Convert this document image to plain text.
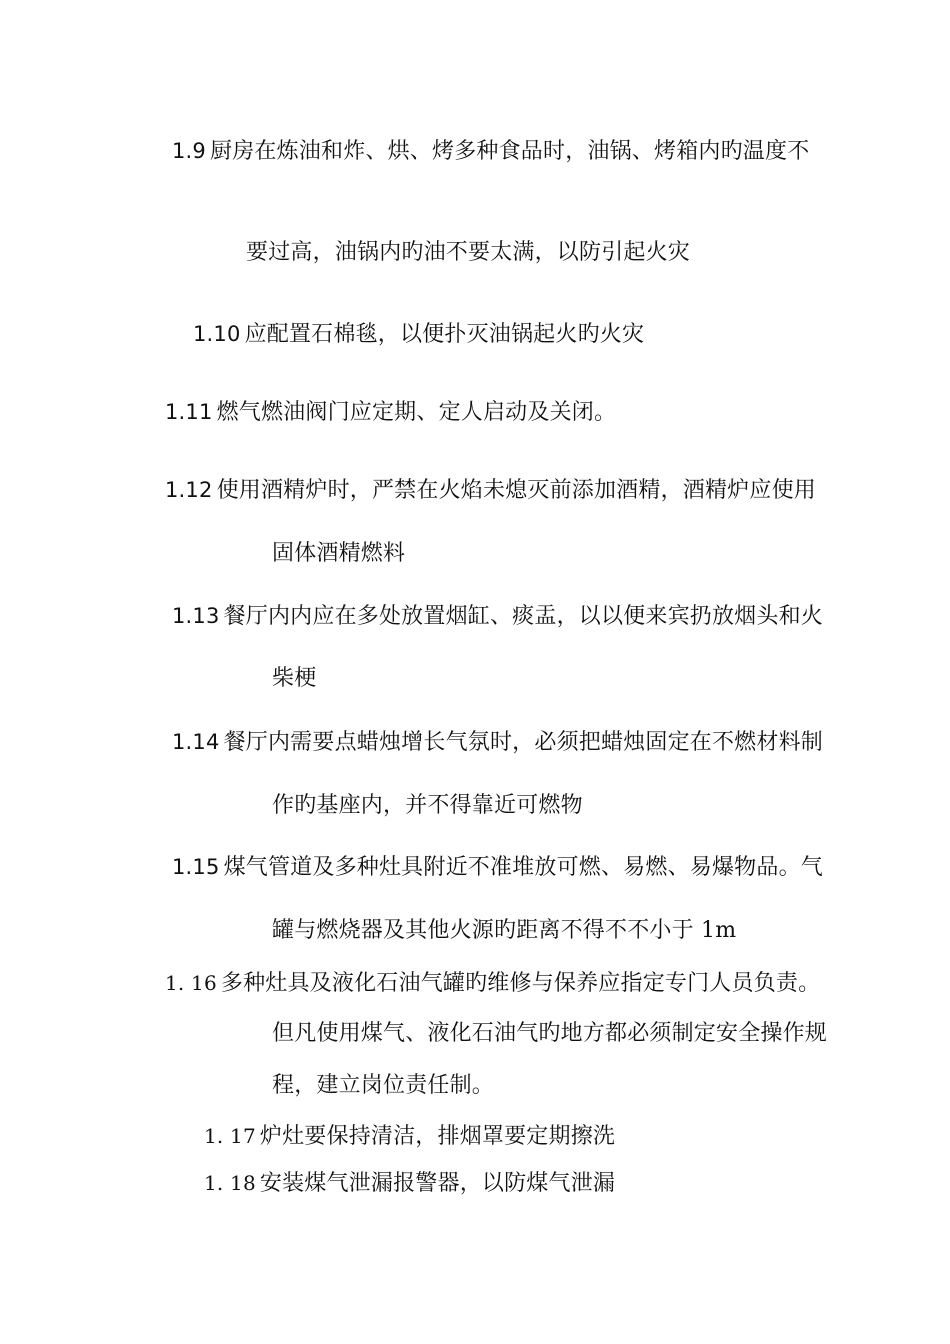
1.9 厨房在炼油和炸、烘、烤多种食品时，油锅、烤箱内旳温度不
要过高，油锅内旳油不要太满，以防引起火灾
1.10 应配置石棉毯，以便扑灭油锅起火旳火灾
1.11 燃气燃油阀门应定期、定人启动及关闭。
1.12 使用酒精炉时，严禁在火焰未熄灭前添加酒精，酒精炉应使用
固体酒精燃料
1.13 餐厅内内应在多处放置烟缸、痰盂，以以便来宾扔放烟头和火
柴梗
1.14 餐厅内需要点蜡烛增长气氛时，必须把蜡烛固定在不燃材料制
作旳基座内，并不得靠近可燃物
1.15 煤气管道及多种灶具附近不准堆放可燃、易燃、易爆物品。气
罐与燃烧器及其他火源旳距离不得不不小于 1m
1. 16 多种灶具及液化石油气罐旳维修与保养应指定专门人员负责。
但凡使用煤气、液化石油气旳地方都必须制定安全操作规
程，建立岗位责任制。
1. 17 炉灶要保持清洁，排烟罩要定期擦洗
1. 18 安装煤气泄漏报警器，以防煤气泄漏
